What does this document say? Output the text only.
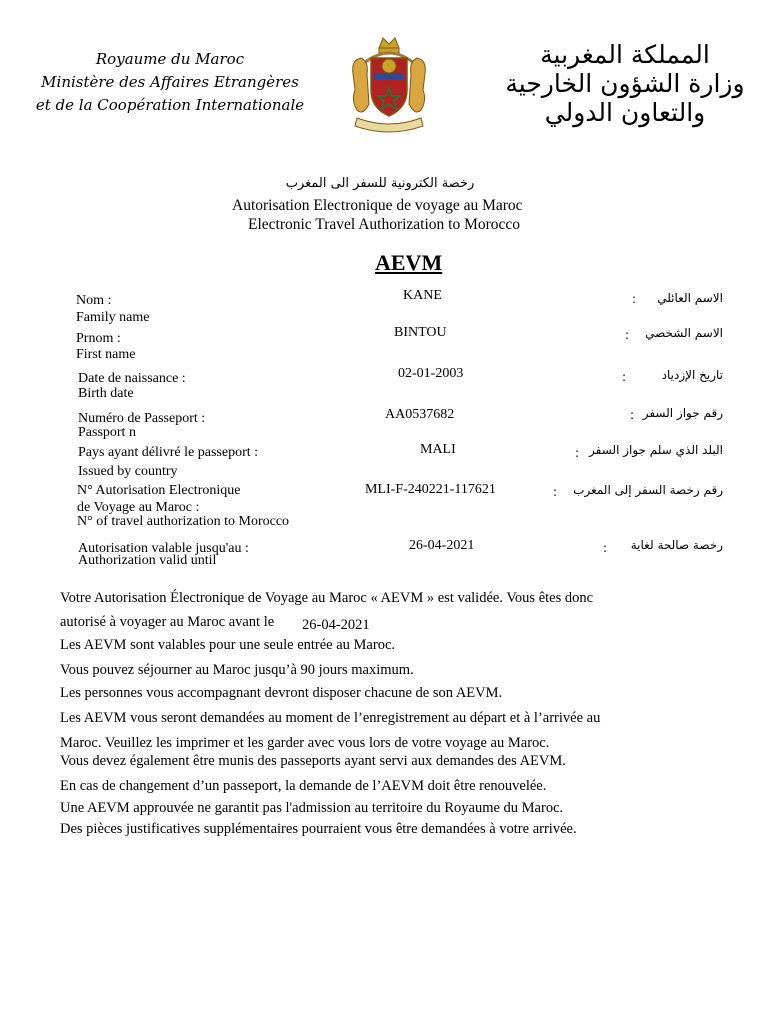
Royaume du Maroc
Ministère des Affaires Etrangères
et de la Coopération Internationale
المملكة المغربية
وزارة الشؤون الخارجية
والتعاون الدولي
رخصة الكترونية للسفر الى المغرب
Autorisation Electronique de voyage au Maroc
Electronic Travel Authorization to Morocco
AEVM
Nom :
Family name
KANE	: الاسم العائلي
Prnom :
First name
BINTOU	: الاسم الشخصي
Date de naissance :
Birth date
02-01-2003	:	تاريخ الإزدياد
Numéro de Passeport :
Passport n
AA0537682	: رقم جواز السفر
Pays ayant délivré le passeport :
Issued by country
MALI	: البلد الذي سلم جواز السفر
N° Autorisation Electronique
de Voyage au Maroc :
N° of travel authorization to Morocco
MLI-F-240221-117621	: رقم رخصة السفر إلى المغرب
Autorisation valable jusqu'au :
Authorization valid until
26-04-2021	: رخصة صالحة لغاية
Votre Autorisation Électronique de Voyage au Maroc « AEVM » est validée. Vous êtes donc
autorisé à voyager au Maroc avant le 26-04-2021
Les AEVM sont valables pour une seule entrée au Maroc.
Vous pouvez séjourner au Maroc jusqu’à 90 jours maximum.
Les personnes vous accompagnant devront disposer chacune de son AEVM.
Les AEVM vous seront demandées au moment de l’enregistrement au départ et à l’arrivée au
Maroc. Veuillez les imprimer et les garder avec vous lors de votre voyage au Maroc.
Vous devez également être munis des passeports ayant servi aux demandes des AEVM.
En cas de changement d’un passeport, la demande de l’AEVM doit être renouvelée.
Une AEVM approuvée ne garantit pas l'admission au territoire du Royaume du Maroc.
Des pièces justificatives supplémentaires pourraient vous être demandées à votre arrivée.
